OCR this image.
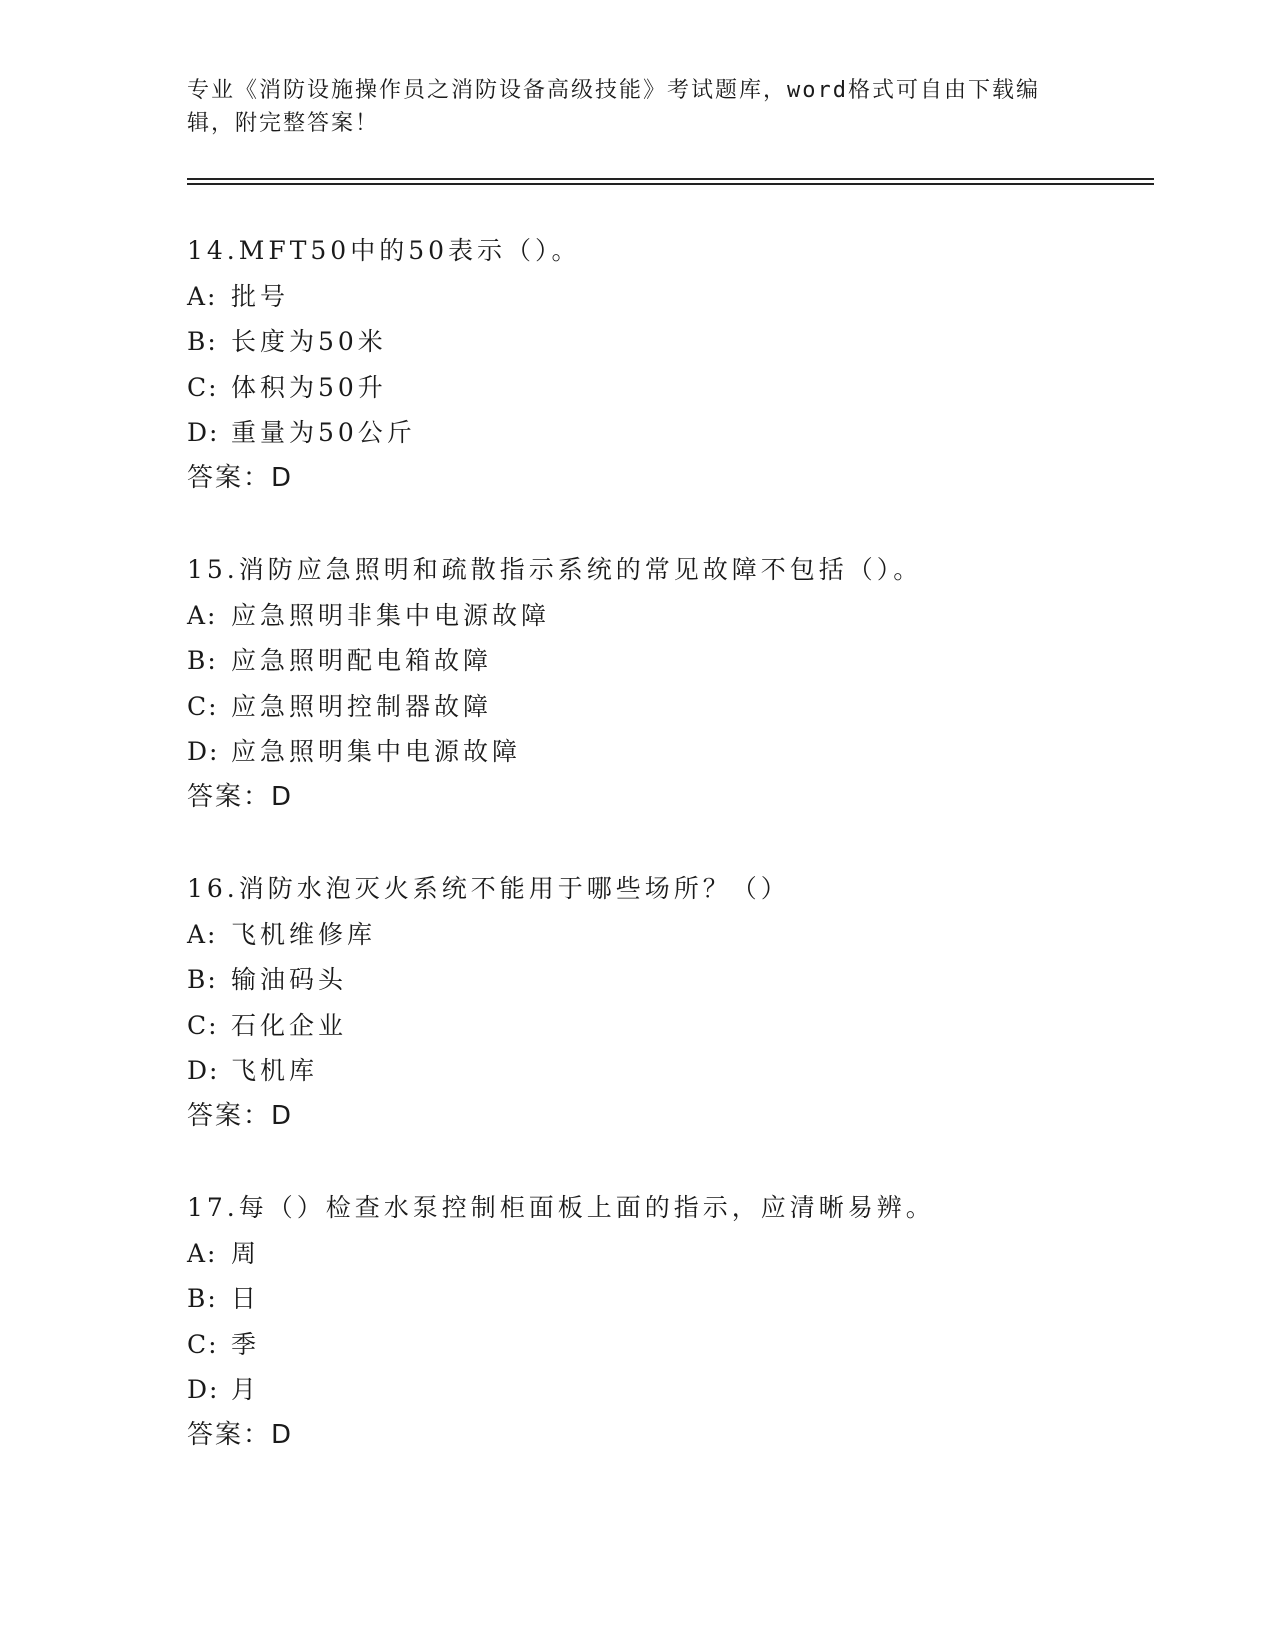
专业《消防设施操作员之消防设备高级技能》考试题库，word格式可自由下载编
辑，附完整答案！
14.MFT50中的50表示（）。
A: 批号
B: 长度为50米
C: 体积为50升
D: 重量为50公斤
答案：D
15.消防应急照明和疏散指示系统的常见故障不包括（）。
A: 应急照明非集中电源故障
B: 应急照明配电箱故障
C: 应急照明控制器故障
D: 应急照明集中电源故障
答案：D
16.消防水泡灭火系统不能用于哪些场所？（）
A: 飞机维修库
B: 输油码头
C: 石化企业
D: 飞机库
答案：D
17.每（）检查水泵控制柜面板上面的指示，应清晰易辨。
A: 周
B: 日
C: 季
D: 月
答案：D
